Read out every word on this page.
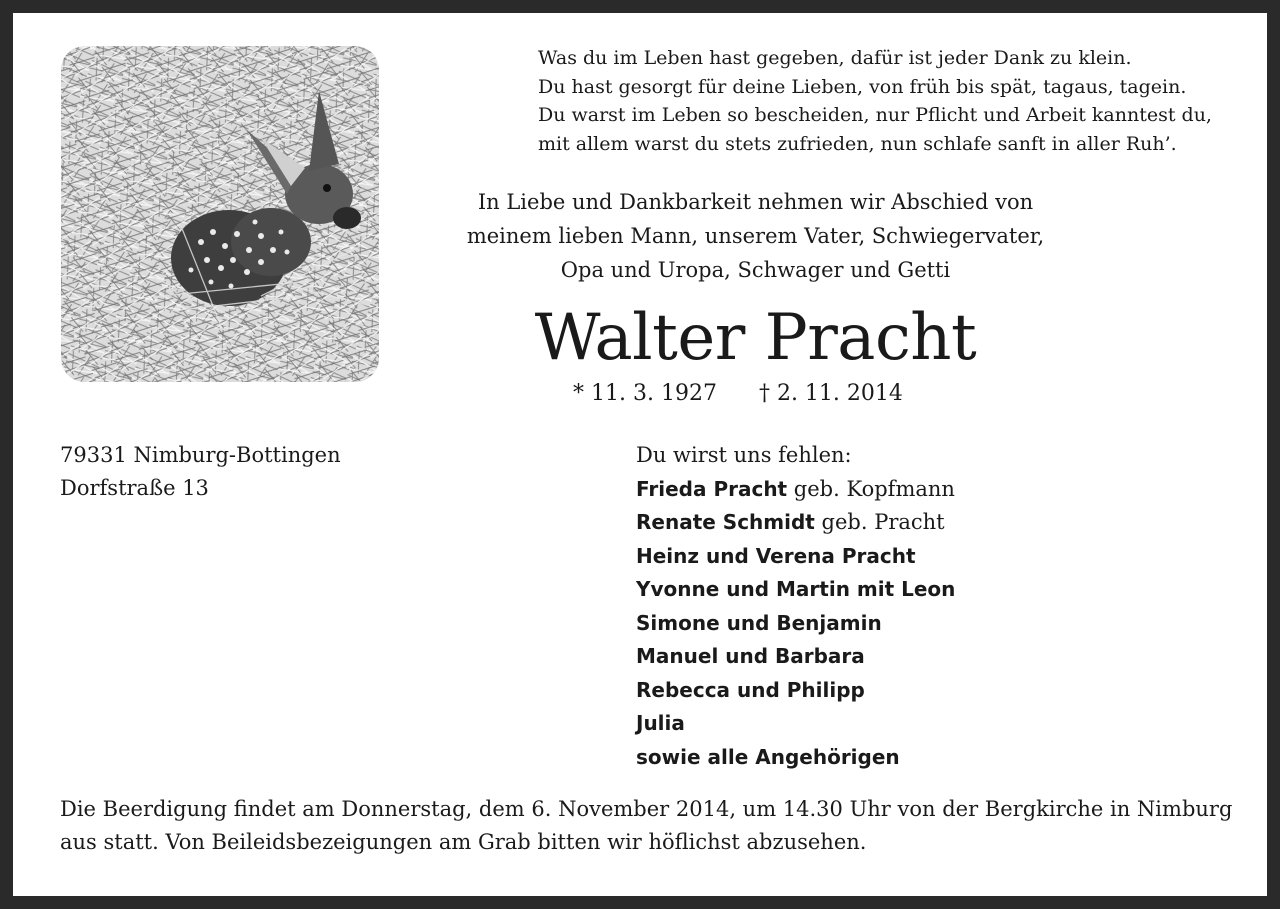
Was du im Leben hast gegeben, dafür ist jeder Dank zu klein.
Du hast gesorgt für deine Lieben, von früh bis spät, tagaus, tagein.
Du warst im Leben so bescheiden, nur Pflicht und Arbeit kanntest du,
mit allem warst du stets zufrieden, nun schlafe sanft in aller Ruh’.
In Liebe und Dankbarkeit nehmen wir Abschied von
meinem lieben Mann, unserem Vater, Schwiegervater,
Opa und Uropa, Schwager und Getti
Walter Pracht
* 11. 3. 1927 † 2. 11. 2014
79331 Nimburg-Bottingen
Dorfstraße 13
Du wirst uns fehlen:
Frieda Pracht geb. Kopfmann
Renate Schmidt geb. Pracht
Heinz und Verena Pracht
Yvonne und Martin mit Leon
Simone und Benjamin
Manuel und Barbara
Rebecca und Philipp
Julia
sowie alle Angehörigen
Die Beerdigung findet am Donnerstag, dem 6. November 2014, um 14.30 Uhr von der Bergkirche in Nimburg
aus statt. Von Beileidsbezeigungen am Grab bitten wir höflichst abzusehen.
